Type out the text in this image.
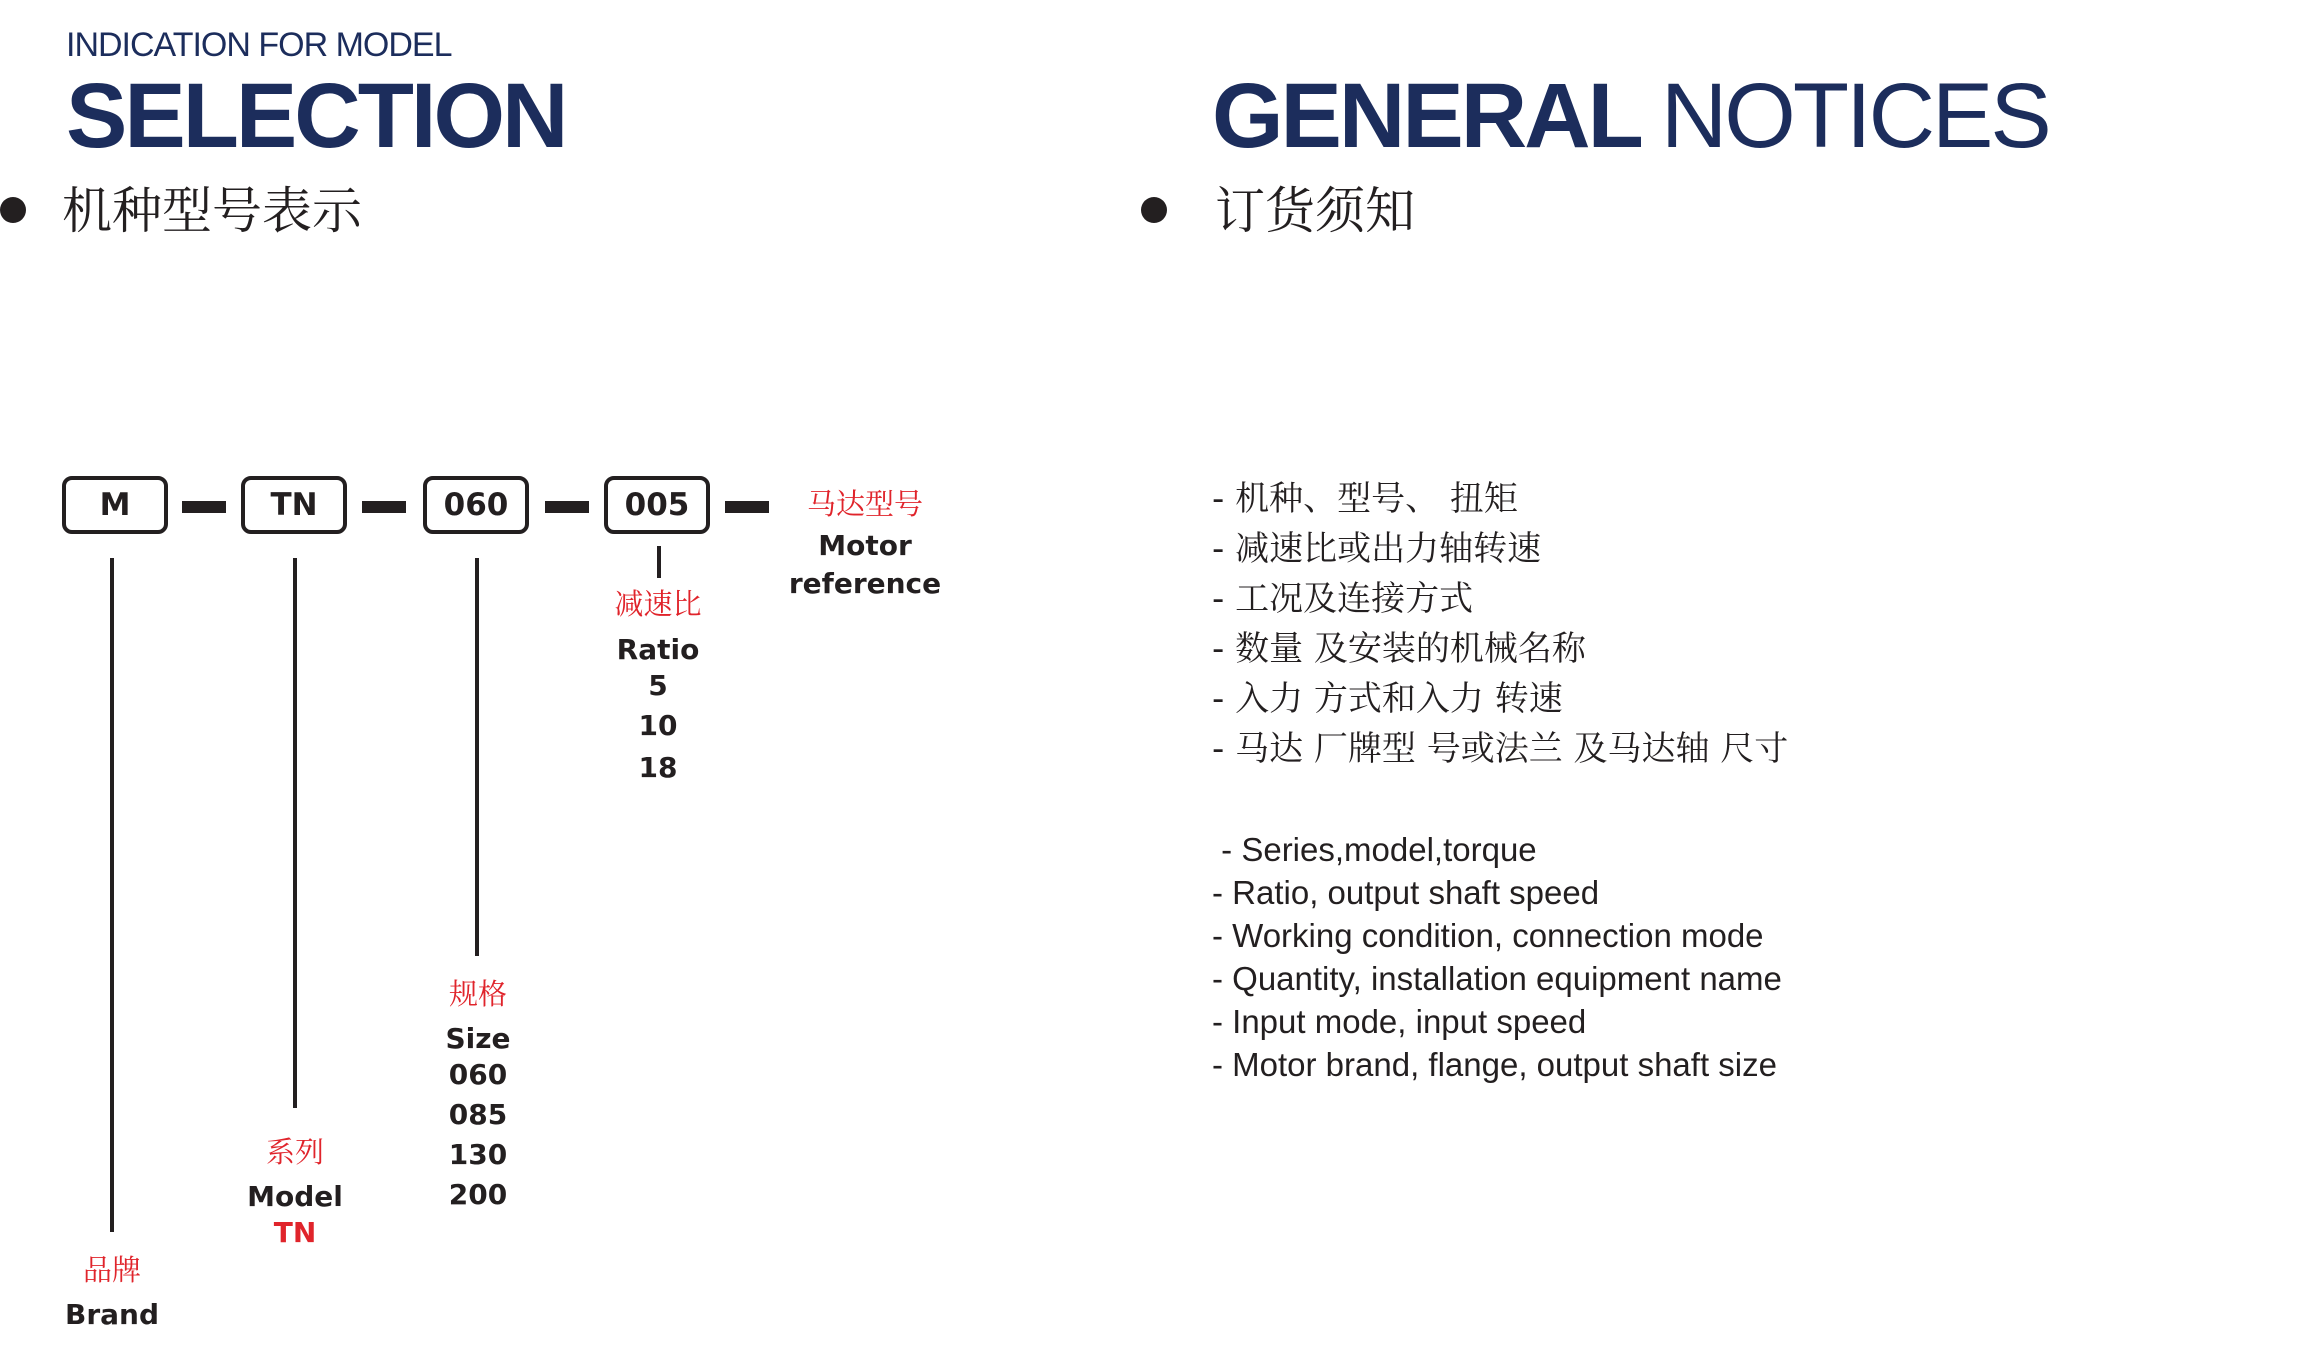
INDICATION FOR MODEL
SELECTION
机种型号表示
GENERAL NOTICES
订货须知
M	TN	060	005	马达型号
Motor
reference
减速比
Ratio
5
10
18
规格
Size
060
085
130
200
系列
Model
TN
品牌
Brand
- 机种、型号、 扭矩
- 减速比或出力轴转速
- 工况及连接方式
- 数量 及安装的机械名称
- 入力 方式和入力 转速
- 马达 厂牌型 号或法兰 及马达轴 尺寸
- Series,model,torque
- Ratio, output shaft speed
- Working condition, connection mode
- Quantity, installation equipment name
- Input mode, input speed
- Motor brand, flange, output shaft size
